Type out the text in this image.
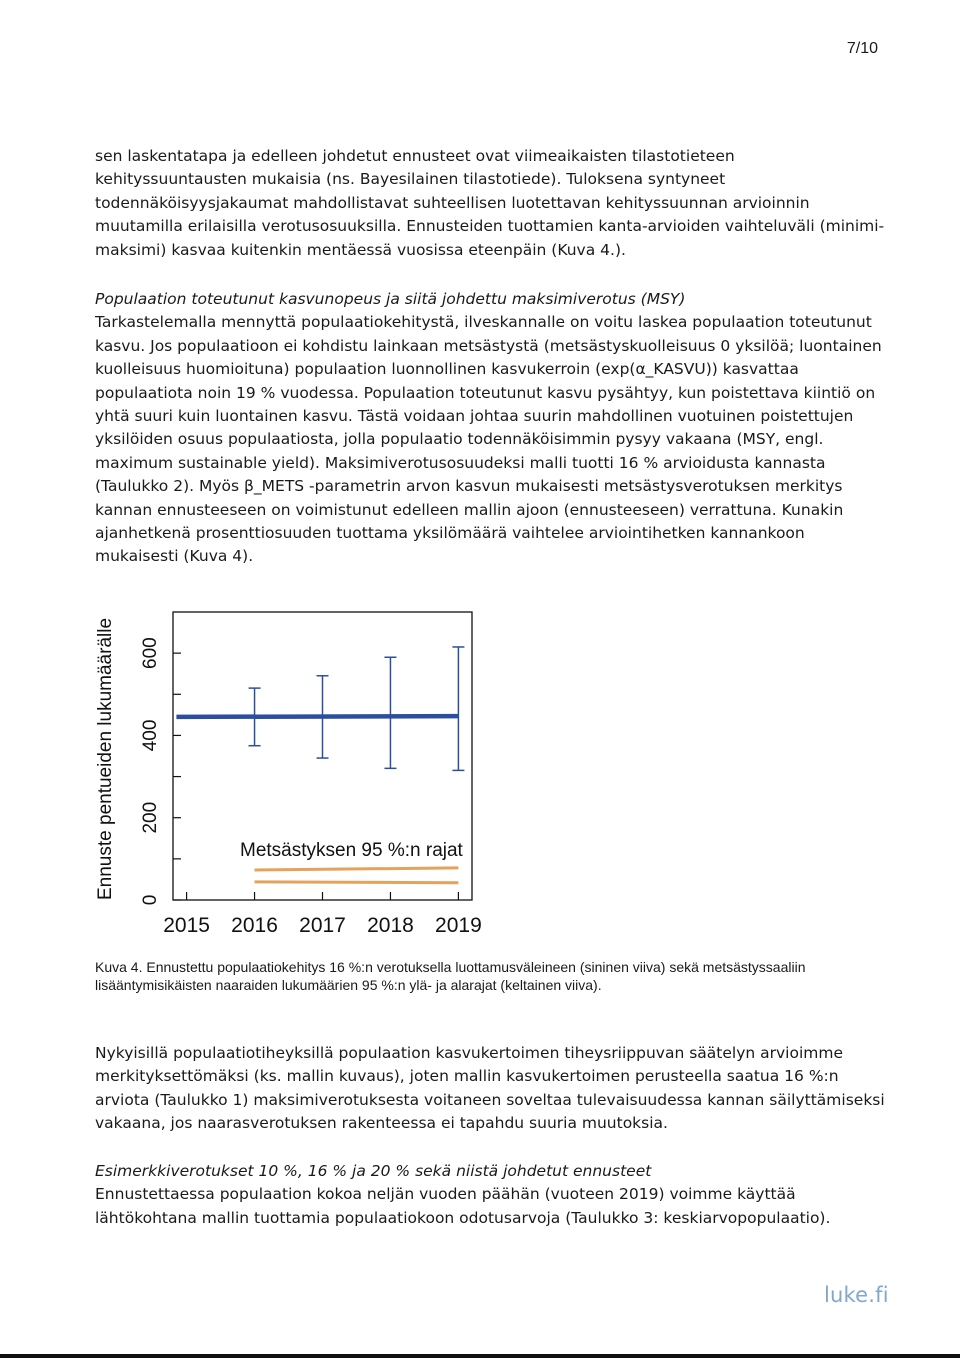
7/10

sen laskentatapa ja edelleen johdetut ennusteet ovat viimeaikaisten tilastotieteen kehityssuuntausten mukaisia (ns. Bayesilainen tilastotiede). Tuloksena syntyneet todennäköisyysjakaumat mahdollistavat suhteellisen luotettavan kehityssuunnan arvioinnin muutamilla erilaisilla verotusosuuksilla. Ennusteiden tuottamien kanta-arvioiden vaihteluväli (minimi-maksimi) kasvaa kuitenkin mentäessä vuosissa eteenpäin (Kuva 4.).

Populaation toteutunut kasvunopeus ja siitä johdettu maksimiverotus (MSY)
Tarkastelemalla mennyttä populaatiokehitystä, ilveskannalle on voitu laskea populaation toteutunut kasvu. Jos populaatioon ei kohdistu lainkaan metsästystä (metsästyskuolleisuus 0 yksilöä; luontainen kuolleisuus huomioituna) populaation luonnollinen kasvukerroin (exp(α_KASVU)) kasvattaa populaatiota noin 19 % vuodessa. Populaation toteutunut kasvu pysähtyy, kun poistettava kiintiö on yhtä suuri kuin luontainen kasvu. Tästä voidaan johtaa suurin mahdollinen vuotuinen poistettujen yksilöiden osuus populaatiosta, jolla populaatio todennäköisimmin pysyy vakaana (MSY, engl. maximum sustainable yield). Maksimiverotusosuudeksi malli tuotti 16 % arvioidusta kannasta (Taulukko 2). Myös β_METS -parametrin arvon kasvun mukaisesti metsästysverotuksen merkitys kannan ennusteeseen on voimistunut edelleen mallin ajoon (ennusteeseen) verrattuna. Kunakin ajanhetkenä prosenttiosuuden tuottama yksilömäärä vaihtelee arviointihetken kannankoon mukaisesti (Kuva 4).

0
200
400
600
2015 2016 2017 2018 2019
Metsästyksen 95 %:n rajat
Ennuste pentueiden lukumäärälle
Kuva 4. Ennustettu populaatiokehitys 16 %:n verotuksella luottamusväleineen (sininen viiva) sekä metsästyssaaliin lisääntymisikäisten naaraiden lukumäärien 95 %:n ylä- ja alarajat (keltainen viiva).

Nykyisillä populaatiotiheyksillä populaation kasvukertoimen tiheysriippuvan säätelyn arvioimme merkityksettömäksi (ks. mallin kuvaus), joten mallin kasvukertoimen perusteella saatua 16 %:n arviota (Taulukko 1) maksimiverotuksesta voitaneen soveltaa tulevaisuudessa kannan säilyttämiseksi vakaana, jos naarasverotuksen rakenteessa ei tapahdu suuria muutoksia.

Esimerkkiverotukset 10 %, 16 % ja 20 % sekä niistä johdetut ennusteet
Ennustettaessa populaation kokoa neljän vuoden päähän (vuoteen 2019) voimme käyttää lähtökohtana mallin tuottamia populaatiokoon odotusarvoja (Taulukko 3: keskiarvopopulaatio).

luke.fi
